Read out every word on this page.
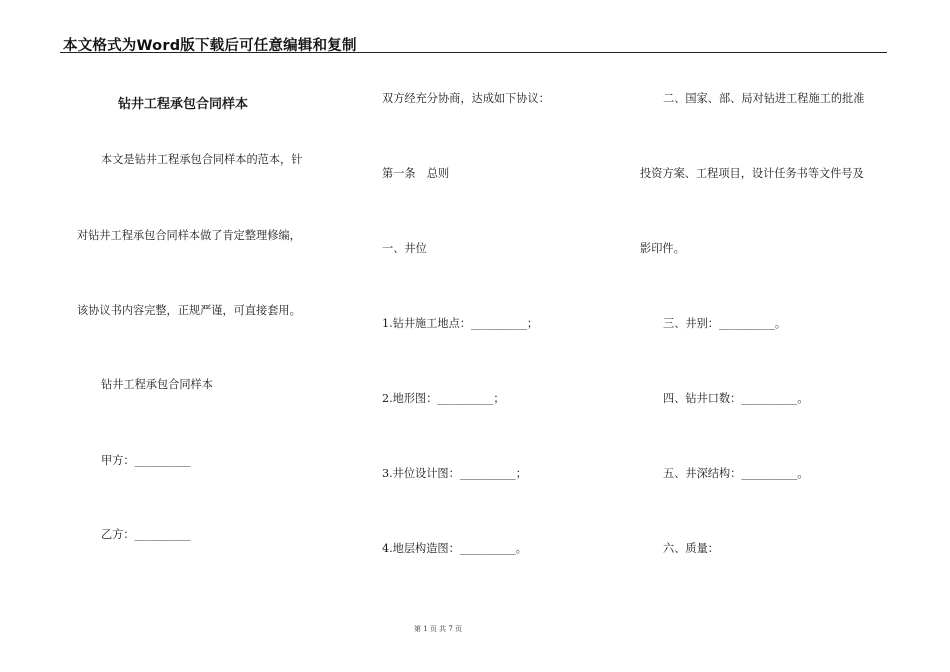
本文格式为Word版下载后可任意编辑和复制
钻井工程承包合同样本
本文是钻井工程承包合同样本的范本，针
对钻井工程承包合同样本做了肯定整理修编，
该协议书内容完整，正规严谨，可直接套用。
钻井工程承包合同样本
甲方：__________
乙方：__________
双方经充分协商，达成如下协议：
第一条　总则
一、井位
1.钻井施工地点：__________；
2.地形图：__________；
3.井位设计图：__________；
4.地层构造图：__________。
二、国家、部、局对钻进工程施工的批准
投资方案、工程项目，设计任务书等文件号及
影印件。
三、井别：__________。
四、钻井口数：__________。
五、井深结构：__________。
六、质量：
第 1 页 共 7 页
